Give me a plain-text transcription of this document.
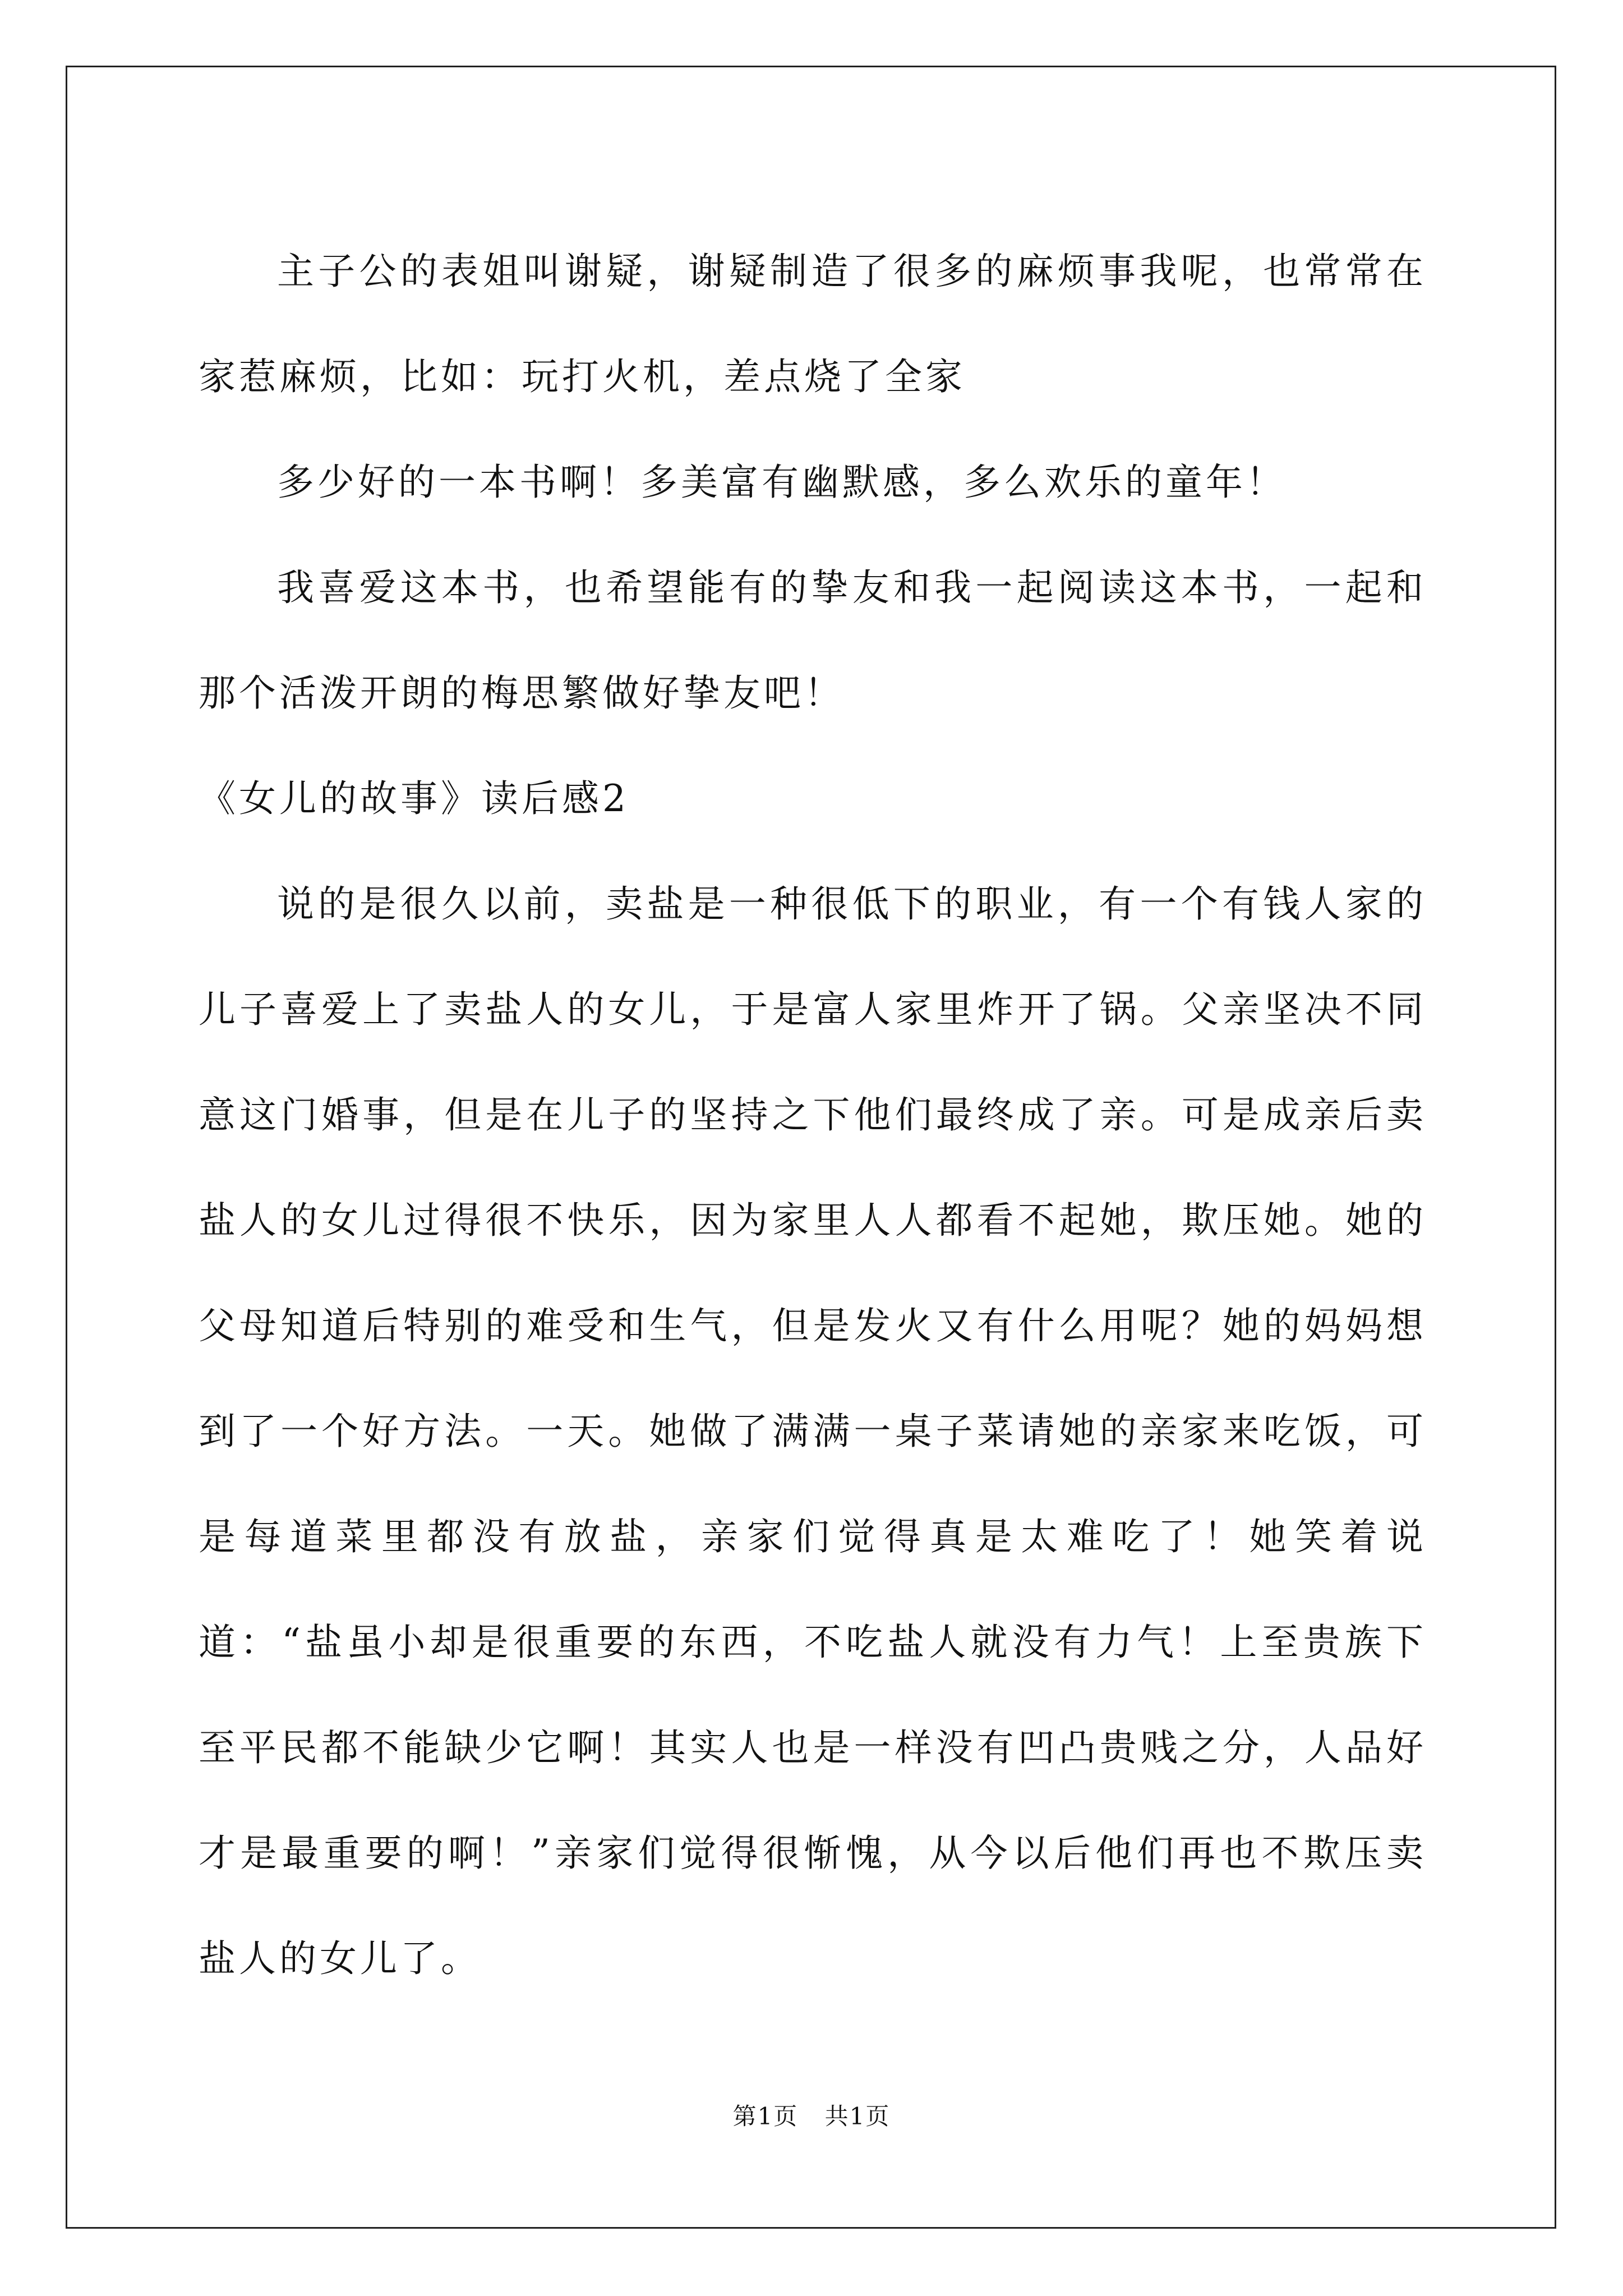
主子公的表姐叫谢疑，谢疑制造了很多的麻烦事我呢，也常常在家惹麻烦，比如：玩打火机，差点烧了全家

多少好的一本书啊！多美富有幽默感，多么欢乐的童年！

我喜爱这本书，也希望能有的挚友和我一起阅读这本书，一起和那个活泼开朗的梅思繁做好挚友吧！

《女儿的故事》读后感2

说的是很久以前，卖盐是一种很低下的职业，有一个有钱人家的儿子喜爱上了卖盐人的女儿，于是富人家里炸开了锅。父亲坚决不同意这门婚事，但是在儿子的坚持之下他们最终成了亲。可是成亲后卖盐人的女儿过得很不快乐，因为家里人人都看不起她，欺压她。她的父母知道后特别的难受和生气，但是发火又有什么用呢？她的妈妈想到了一个好方法。一天。她做了满满一桌子菜请她的亲家来吃饭，可是每道菜里都没有放盐，亲家们觉得真是太难吃了！她笑着说道：“盐虽小却是很重要的东西，不吃盐人就没有力气！上至贵族下至平民都不能缺少它啊！其实人也是一样没有凹凸贵贱之分，人品好才是最重要的啊！”亲家们觉得很惭愧，从今以后他们再也不欺压卖盐人的女儿了。

第1页 共1页
